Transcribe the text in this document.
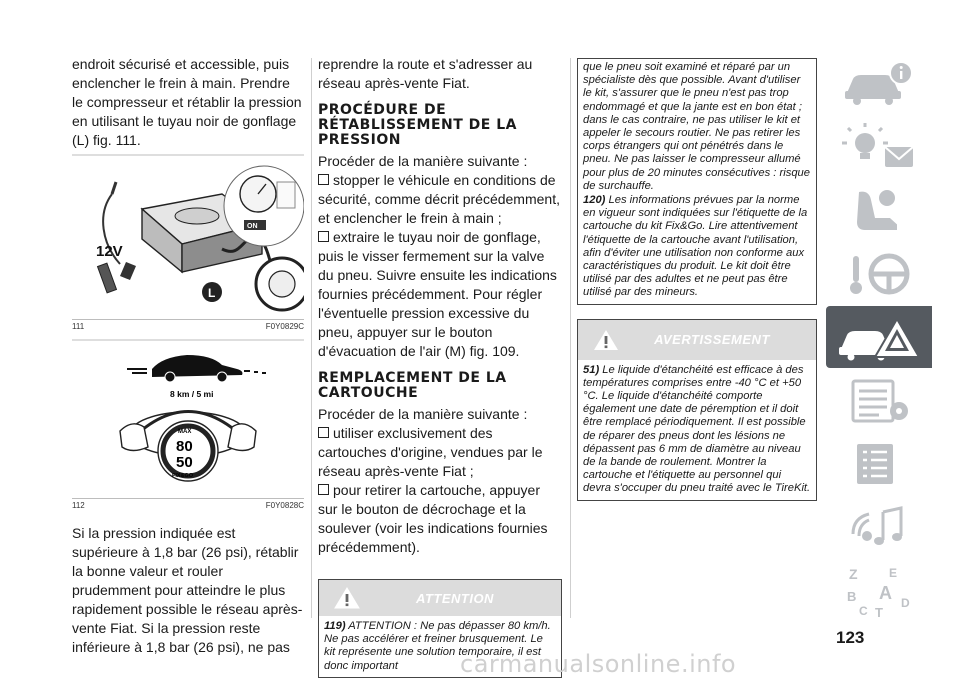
endroit sécurisé et accessible, puis enclencher le frein à main. Prendre le compresseur et rétablir la pression en utilisant le tuyau noir de gonflage (L) fig. 111.

ON
12V
L
111	F0Y0829C
8 km / 5 mi
MAX
80
50
FIX&GO
112	F0Y0828C

Si la pression indiquée est supérieure à 1,8 bar (26 psi), rétablir la bonne valeur et rouler prudemment pour atteindre le plus rapidement possible le réseau après-vente Fiat. Si la pression reste inférieure à 1,8 bar (26 psi), ne pas

reprendre la route et s'adresser au réseau après-vente Fiat.

PROCÉDURE DE RÉTABLISSEMENT DE LA PRESSION

Procéder de la manière suivante :

stopper le véhicule en conditions de sécurité, comme décrit précédemment, et enclencher le frein à main ;

extraire le tuyau noir de gonflage, puis le visser fermement sur la valve du pneu. Suivre ensuite les indications fournies précédemment. Pour régler l'éventuelle pression excessive du pneu, appuyer sur le bouton d'évacuation de l'air (M) fig. 109.

REMPLACEMENT DE LA CARTOUCHE

Procéder de la manière suivante :

utiliser exclusivement des cartouches d'origine, vendues par le réseau après-vente Fiat ;

pour retirer la cartouche, appuyer sur le bouton de décrochage et la soulever (voir les indications fournies précédemment).

ATTENTION
119) ATTENTION : Ne pas dépasser 80 km/h. Ne pas accélérer et freiner brusquement. Le kit représente une solution temporaire, il est donc important

que le pneu soit examiné et réparé par un spécialiste dès que possible. Avant d'utiliser le kit, s'assurer que le pneu n'est pas trop endommagé et que la jante est en bon état ; dans le cas contraire, ne pas utiliser le kit et appeler le secours routier. Ne pas retirer les corps étrangers qui ont pénétrés dans le pneu. Ne pas laisser le compresseur allumé pour plus de 20 minutes consécutives : risque de surchauffe.

120) Les informations prévues par la norme en vigueur sont indiquées sur l'étiquette de la cartouche du kit Fix&Go. Lire attentivement l'étiquette de la cartouche avant l'utilisation, afin d'éviter une utilisation non conforme aux caractéristiques du produit. Le kit doit être utilisé par des adultes et ne peut pas être utilisé par des mineurs.

AVERTISSEMENT
51) Le liquide d'étanchéité est efficace à des températures comprises entre -40 °C et +50 °C. Le liquide d'étanchéité comporte également une date de péremption et il doit être remplacé périodiquement. Il est possible de réparer des pneus dont les lésions ne dépassent pas 6 mm de diamètre au niveau de la bande de roulement. Montrer la cartouche et l'étiquette au personnel qui devra s'occuper du pneu traité avec le TireKit.
Z	E
B A
C T
D
123
carmanualsonline.info
